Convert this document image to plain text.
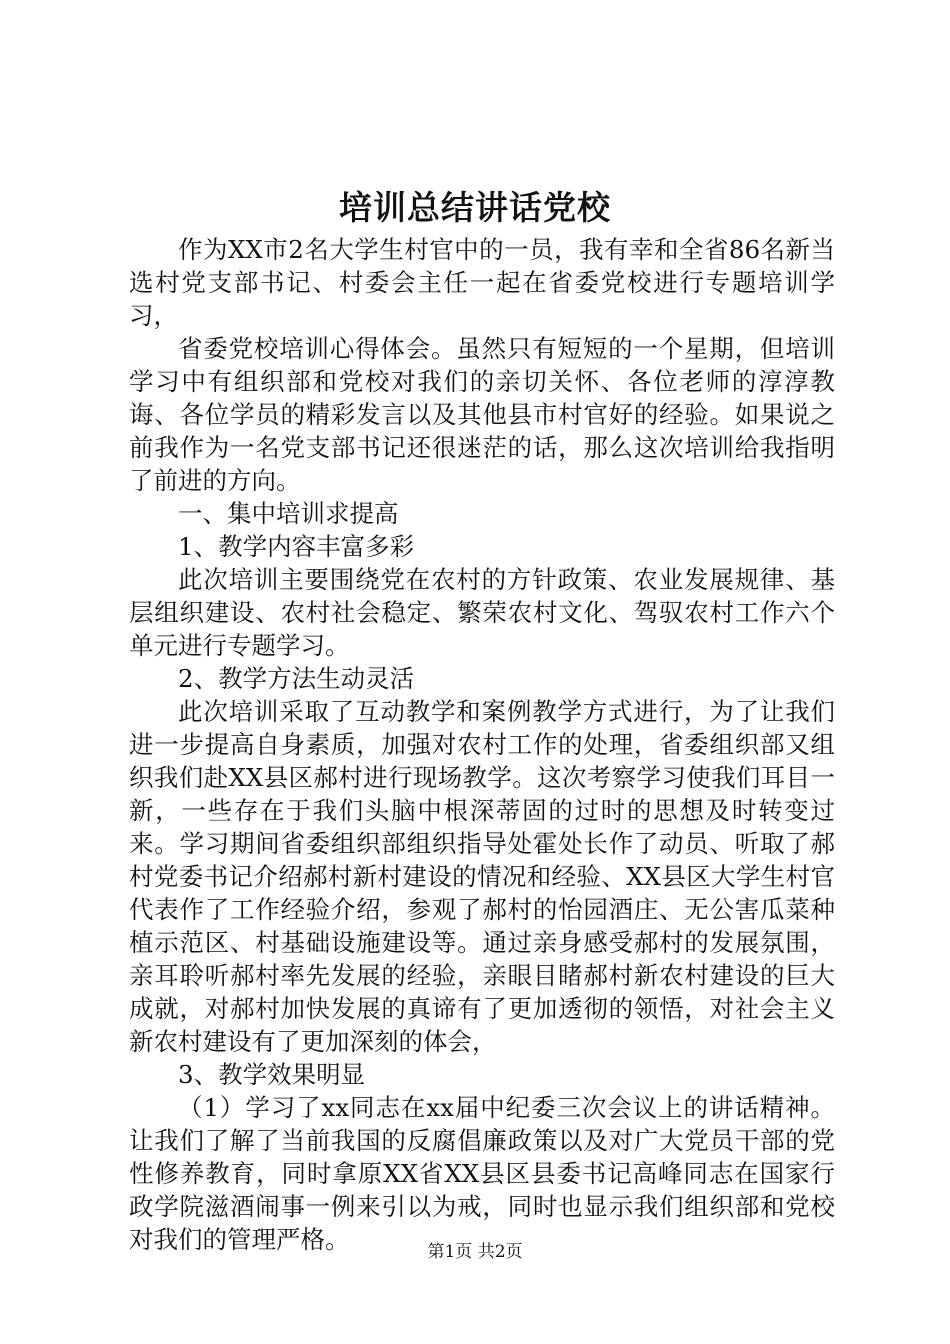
培训总结讲话党校

作为XX市2名大学生村官中的一员，我有幸和全省86名新当选村党支部书记、村委会主任一起在省委党校进行专题培训学习，

省委党校培训心得体会。虽然只有短短的一个星期，但培训学习中有组织部和党校对我们的亲切关怀、各位老师的淳淳教诲、各位学员的精彩发言以及其他县市村官好的经验。如果说之前我作为一名党支部书记还很迷茫的话，那么这次培训给我指明了前进的方向。

一、集中培训求提高

1、教学内容丰富多彩

此次培训主要围绕党在农村的方针政策、农业发展规律、基层组织建设、农村社会稳定、繁荣农村文化、驾驭农村工作六个单元进行专题学习。

2、教学方法生动灵活

此次培训采取了互动教学和案例教学方式进行，为了让我们进一步提高自身素质，加强对农村工作的处理，省委组织部又组织我们赴XX县区郝村进行现场教学。这次考察学习使我们耳目一新，一些存在于我们头脑中根深蒂固的过时的思想及时转变过来。学习期间省委组织部组织指导处霍处长作了动员、听取了郝村党委书记介绍郝村新村建设的情况和经验、XX县区大学生村官代表作了工作经验介绍，参观了郝村的怡园酒庄、无公害瓜菜种植示范区、村基础设施建设等。通过亲身感受郝村的发展氛围，亲耳聆听郝村率先发展的经验，亲眼目睹郝村新农村建设的巨大成就，对郝村加快发展的真谛有了更加透彻的领悟，对社会主义新农村建设有了更加深刻的体会，

3、教学效果明显

（1）学习了xx同志在xx届中纪委三次会议上的讲话精神。让我们了解了当前我国的反腐倡廉政策以及对广大党员干部的党性修养教育，同时拿原XX省XX县区县委书记高峰同志在国家行政学院滋酒闹事一例来引以为戒，同时也显示我们组织部和党校对我们的管理严格。	第1页 共2页
